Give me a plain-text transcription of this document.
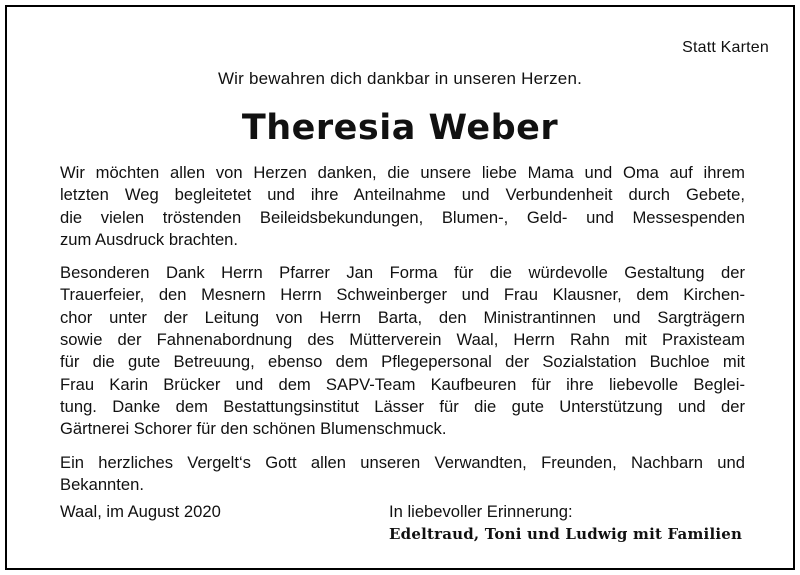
Statt Karten
Wir bewahren dich dankbar in unseren Herzen.
Theresia Weber
Wir möchten allen von Herzen danken, die unsere liebe Mama und Oma auf ihrem
letzten Weg begleitetet und ihre Anteilnahme und Verbundenheit durch Gebete,
die vielen tröstenden Beileidsbekundungen, Blumen-, Geld- und Messespenden
zum Ausdruck brachten.
Besonderen Dank Herrn Pfarrer Jan Forma für die würdevolle Gestaltung der
Trauerfeier, den Mesnern Herrn Schweinberger und Frau Klausner, dem Kirchen-
chor unter der Leitung von Herrn Barta, den Ministrantinnen und Sargträgern
sowie der Fahnenabordnung des Mütterverein Waal, Herrn Rahn mit Praxisteam
für die gute Betreuung, ebenso dem Pflegepersonal der Sozialstation Buchloe mit
Frau Karin Brücker und dem SAPV-Team Kaufbeuren für ihre liebevolle Beglei-
tung. Danke dem Bestattungsinstitut Lässer für die gute Unterstützung und der
Gärtnerei Schorer für den schönen Blumenschmuck.
Ein herzliches Vergelt‘s Gott allen unseren Verwandten, Freunden, Nachbarn und
Bekannten.
Waal, im August 2020	In liebevoller Erinnerung:
Edeltraud, Toni und Ludwig mit Familien
